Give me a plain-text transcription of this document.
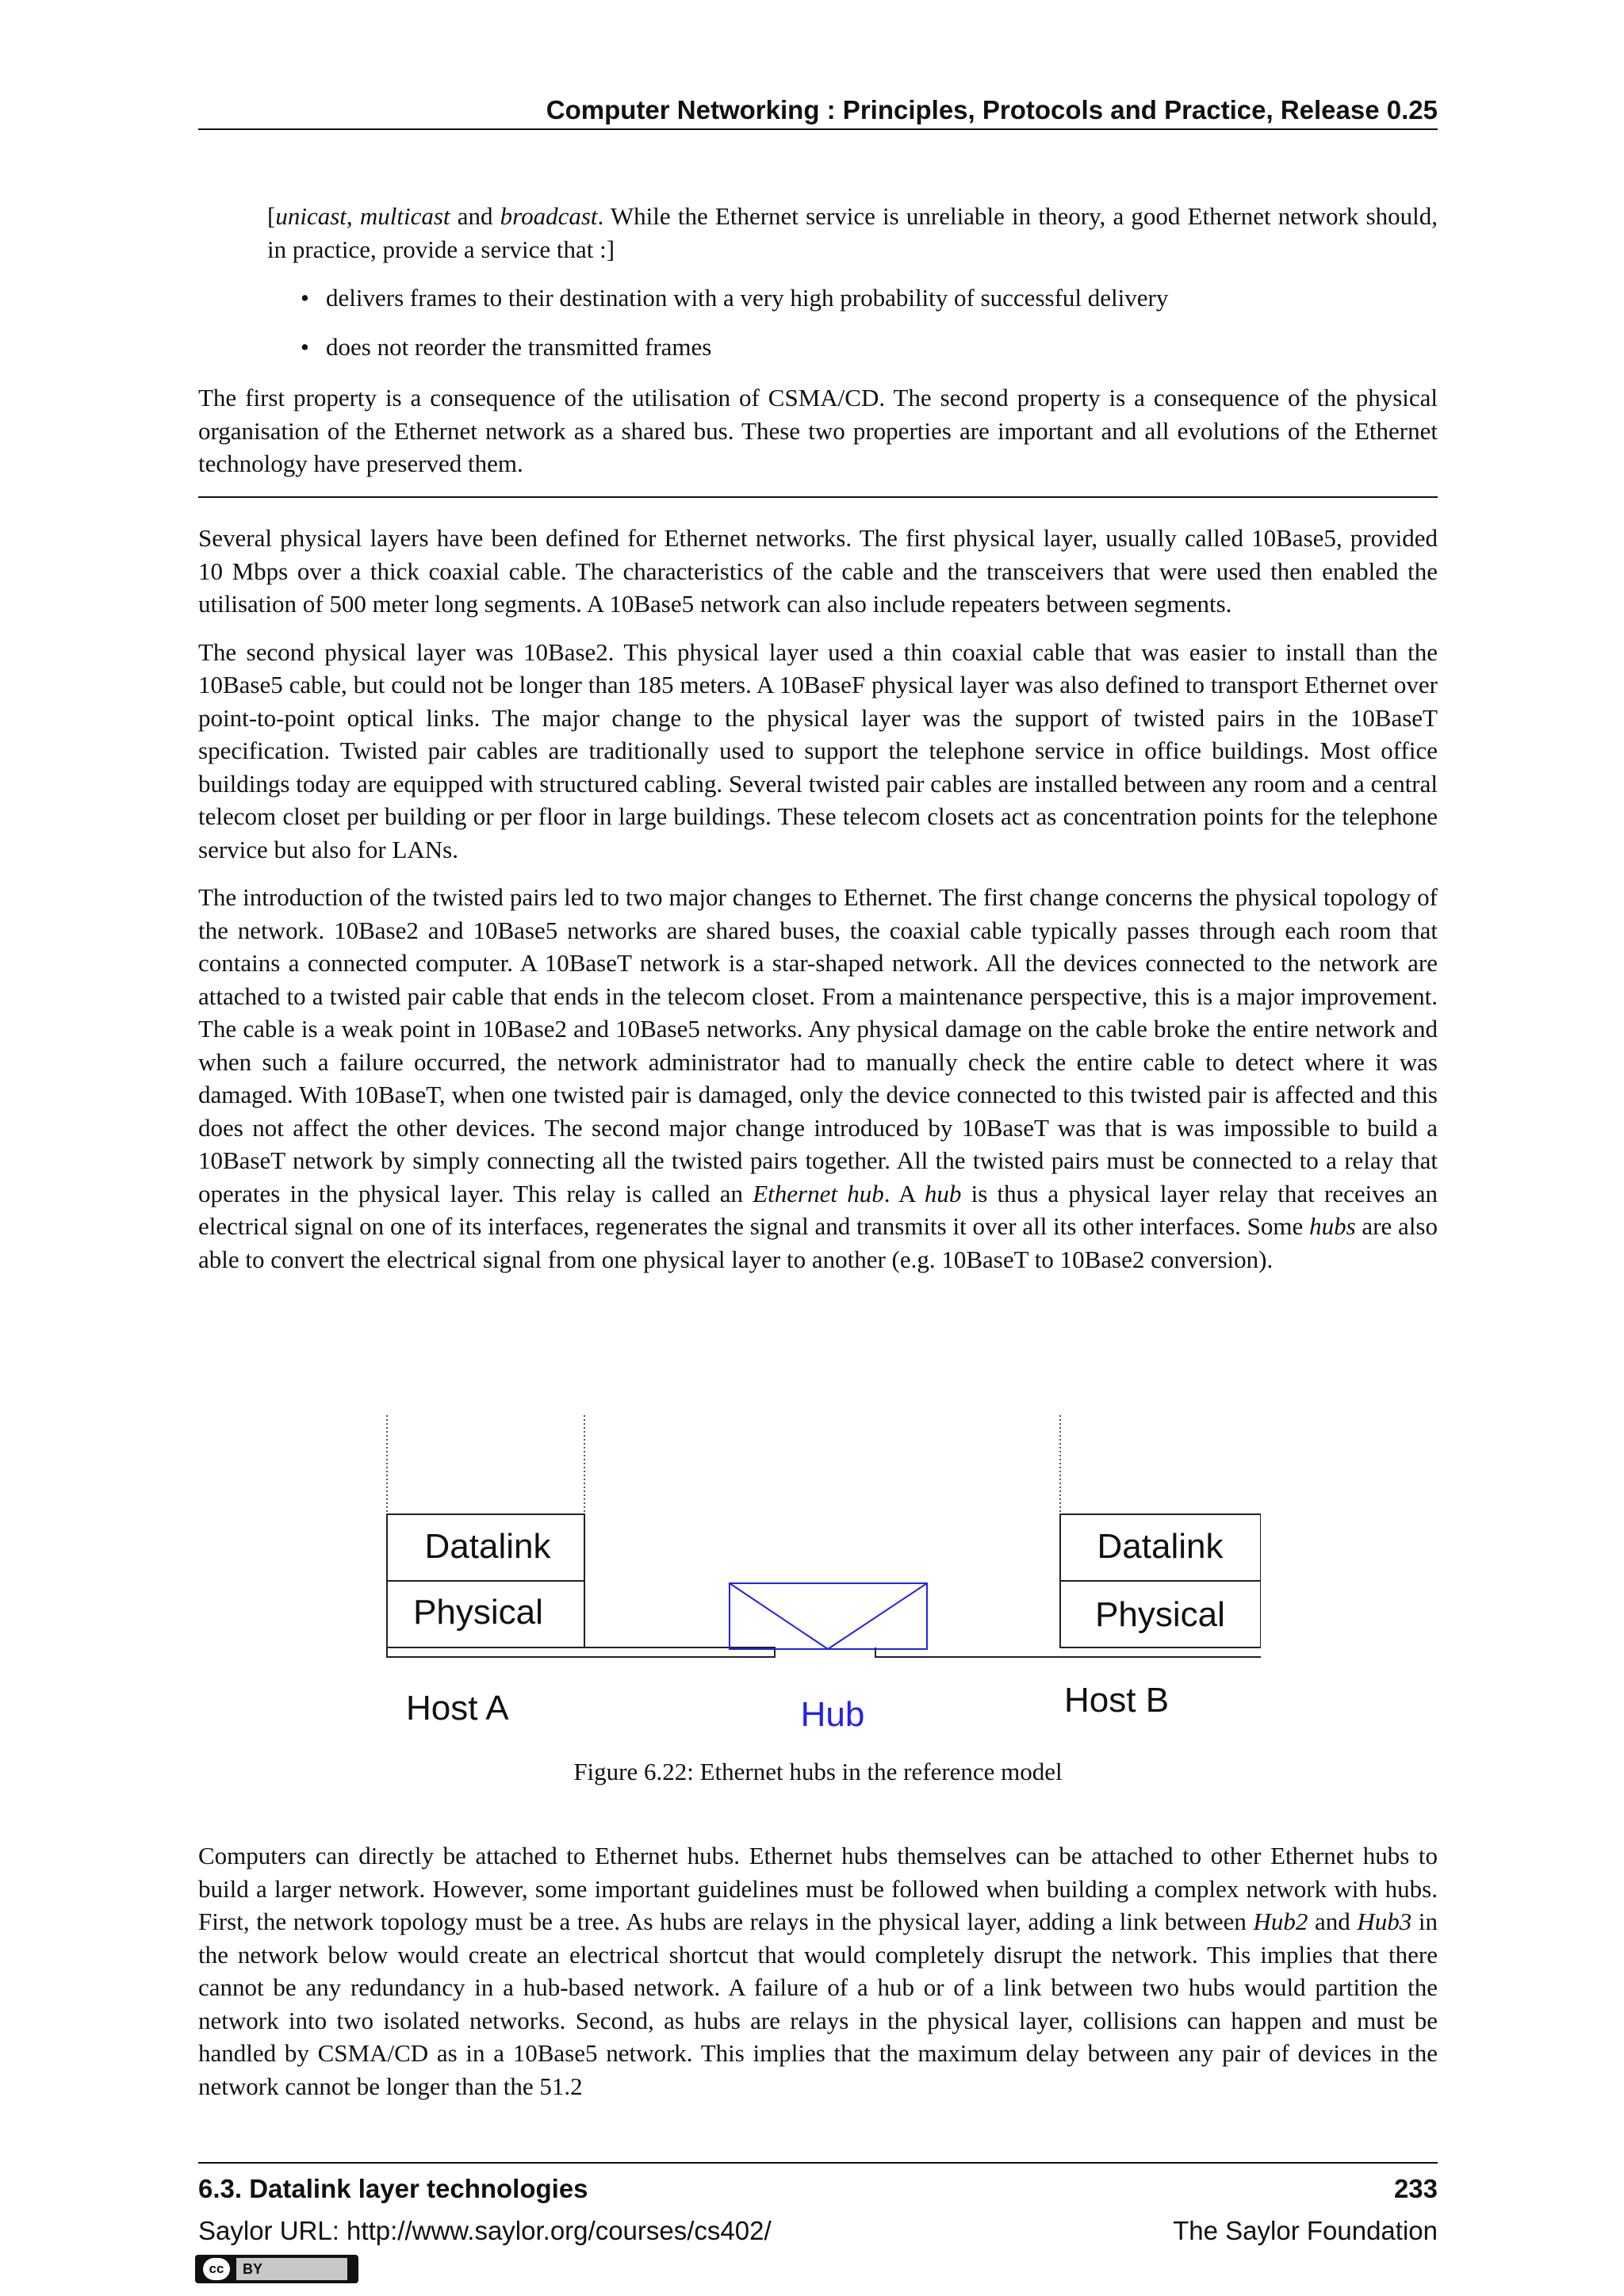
Computer Networking : Principles, Protocols and Practice, Release 0.25

[unicast, multicast and broadcast. While the Ethernet service is unreliable in theory, a good Ethernet network should, in practice, provide a service that :]

• delivers frames to their destination with a very high probability of successful delivery
• does not reorder the transmitted frames

The first property is a consequence of the utilisation of CSMA/CD. The second property is a consequence of the physical organisation of the Ethernet network as a shared bus. These two properties are important and all evolutions of the Ethernet technology have preserved them.

Several physical layers have been defined for Ethernet networks. The first physical layer, usually called 10Base5, provided 10 Mbps over a thick coaxial cable. The characteristics of the cable and the transceivers that were used then enabled the utilisation of 500 meter long segments. A 10Base5 network can also include repeaters between segments.

The second physical layer was 10Base2. This physical layer used a thin coaxial cable that was easier to install than the 10Base5 cable, but could not be longer than 185 meters. A 10BaseF physical layer was also defined to transport Ethernet over point-to-point optical links. The major change to the physical layer was the support of twisted pairs in the 10BaseT specification. Twisted pair cables are traditionally used to support the telephone service in office buildings. Most office buildings today are equipped with structured cabling. Several twisted pair cables are installed between any room and a central telecom closet per building or per floor in large buildings. These telecom closets act as concentration points for the telephone service but also for LANs.

The introduction of the twisted pairs led to two major changes to Ethernet. The first change concerns the physical topology of the network. 10Base2 and 10Base5 networks are shared buses, the coaxial cable typically passes through each room that contains a connected computer. A 10BaseT network is a star-shaped network. All the devices connected to the network are attached to a twisted pair cable that ends in the telecom closet. From a maintenance perspective, this is a major improvement. The cable is a weak point in 10Base2 and 10Base5 networks. Any physical damage on the cable broke the entire network and when such a failure occurred, the network administrator had to manually check the entire cable to detect where it was damaged. With 10BaseT, when one twisted pair is damaged, only the device connected to this twisted pair is affected and this does not affect the other devices. The second major change introduced by 10BaseT was that is was impossible to build a 10BaseT network by simply connecting all the twisted pairs together. All the twisted pairs must be connected to a relay that operates in the physical layer. This relay is called an Ethernet hub. A hub is thus a physical layer relay that receives an electrical signal on one of its interfaces, regenerates the signal and transmits it over all its other interfaces. Some hubs are also able to convert the electrical signal from one physical layer to another (e.g. 10BaseT to 10Base2 conversion).

Datalink
Physical
Host A	Hub
Datalink
Physical
Host B

Figure 6.22: Ethernet hubs in the reference model

Computers can directly be attached to Ethernet hubs. Ethernet hubs themselves can be attached to other Ethernet hubs to build a larger network. However, some important guidelines must be followed when building a complex network with hubs. First, the network topology must be a tree. As hubs are relays in the physical layer, adding a link between Hub2 and Hub3 in the network below would create an electrical shortcut that would completely disrupt the network. This implies that there cannot be any redundancy in a hub-based network. A failure of a hub or of a link between two hubs would partition the network into two isolated networks. Second, as hubs are relays in the physical layer, collisions can happen and must be handled by CSMA/CD as in a 10Base5 network. This implies that the maximum delay between any pair of devices in the network cannot be longer than the 51.2

6.3. Datalink layer technologies	233
Saylor URL: http://www.saylor.org/courses/cs402/	The Saylor Foundation
cc	BY
